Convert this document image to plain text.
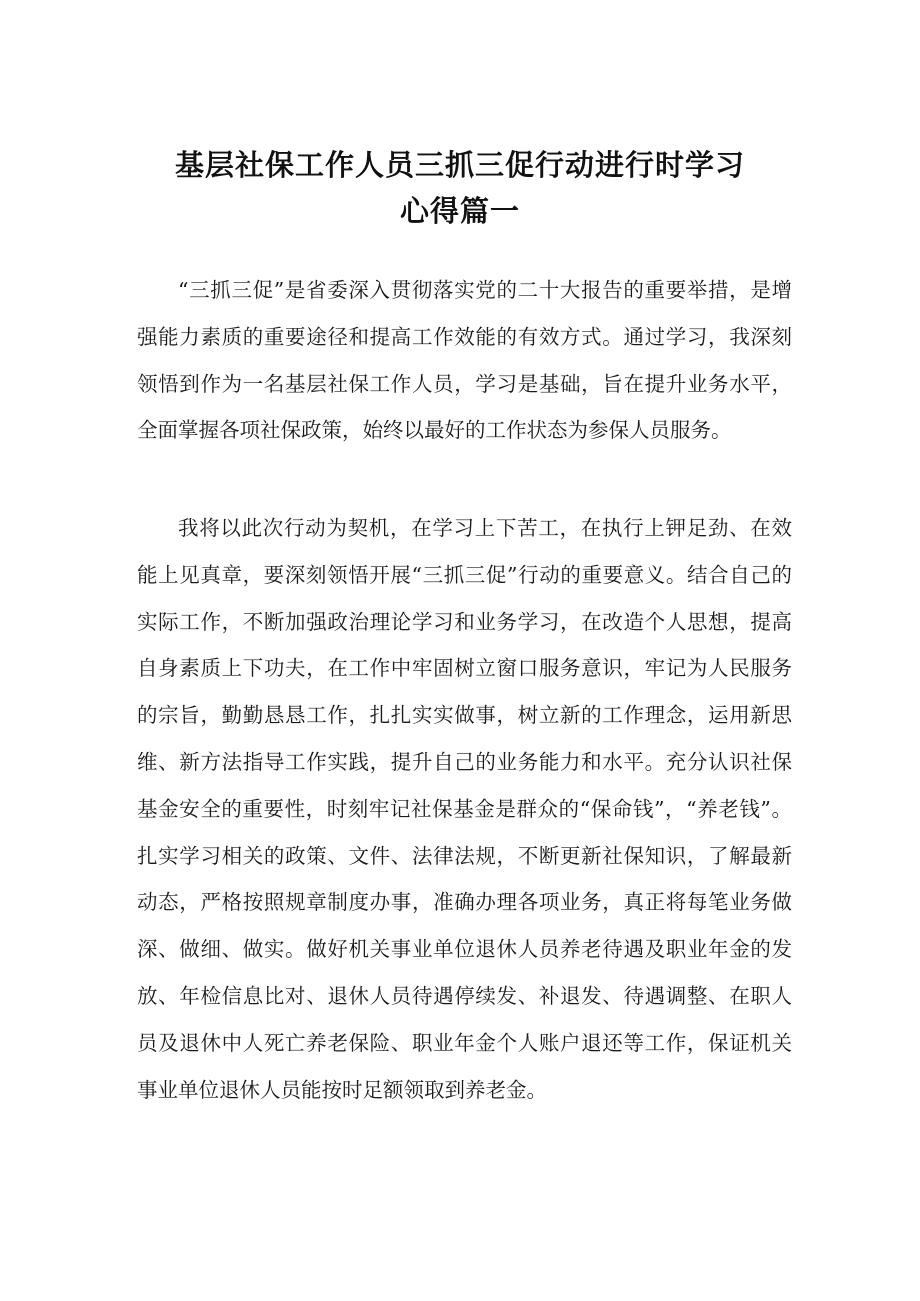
基层社保工作人员三抓三促行动进行时学习
心得篇一

“三抓三促”是省委深入贯彻落实党的二十大报告的重要举措，是增强能力素质的重要途径和提高工作效能的有效方式。通过学习，我深刻领悟到作为一名基层社保工作人员，学习是基础，旨在提升业务水平，全面掌握各项社保政策，始终以最好的工作状态为参保人员服务。

我将以此次行动为契机，在学习上下苦工，在执行上钾足劲、在效能上见真章，要深刻领悟开展“三抓三促”行动的重要意义。结合自己的实际工作，不断加强政治理论学习和业务学习，在改造个人思想，提高自身素质上下功夫，在工作中牢固树立窗口服务意识，牢记为人民服务的宗旨，勤勤恳恳工作，扎扎实实做事，树立新的工作理念，运用新思维、新方法指导工作实践，提升自己的业务能力和水平。充分认识社保基金安全的重要性，时刻牢记社保基金是群众的“保命钱”，“养老钱”。扎实学习相关的政策、文件、法律法规，不断更新社保知识，了解最新动态，严格按照规章制度办事，准确办理各项业务，真正将每笔业务做深、做细、做实。做好机关事业单位退休人员养老待遇及职业年金的发放、年检信息比对、退休人员待遇停续发、补退发、待遇调整、在职人员及退休中人死亡养老保险、职业年金个人账户退还等工作，保证机关事业单位退休人员能按时足额领取到养老金。
